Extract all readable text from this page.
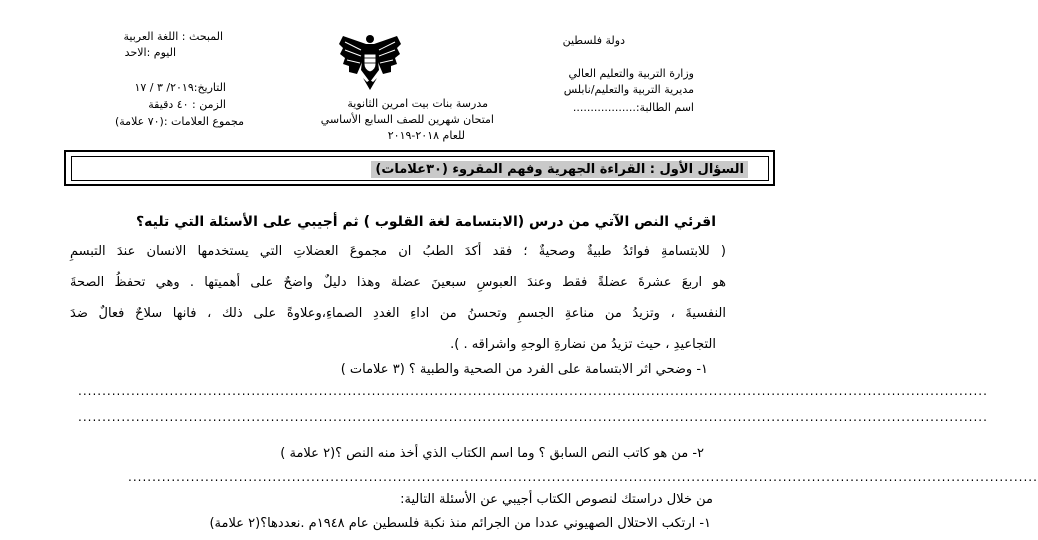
دولة فلسطين
وزارة التربية والتعليم العالي
مديرية التربية والتعليم/نابلس
اسم الطالبة:..................
مدرسة بنات بيت امرين الثانوية
امتحان شهرين للصف السابع الأساسي
للعام ٢٠١٨-٢٠١٩
المبحث : اللغة العربية
اليوم :الاحد
التاريخ:٢٠١٩/ ٣ / ١٧
الزمن : ٤٠ دقيقة
مجموع العلامات :(٧٠ علامة)
السؤال الأول : القراءة الجهرية وفهم المقروء (٣٠علامات)
اقرئي النص الآتي من درس (الابتسامة لغة القلوب ) ثم أجيبي على الأسئلة التي تليه؟
( للابتسامةِ فوائدُ طبيةٌ وصحيةٌ ؛ فقد أكدَ الطبُ ان مجموعَ العضلاتِ التي يستخدمها الانسان عندَ التبسمِ
هو اربعَ عشرةَ عضلةً فقط وعندَ العبوسِ سبعينَ عضلة وهذا دليلٌ واضحٌ على أهميتها . وهي تحفظُ الصحةَ
النفسيةَ ، وتزيدُ من مناعةِ الجسمِ وتحسنُ من اداءِ الغددِ الصماءِ،وعلاوةً على ذلك ، فانها سلاحٌ فعالٌ ضدَ
التجاعيدِ ، حيث تزيدُ من نضارةِ الوجهِ واشراقه . ).
١- وضحي اثر الابتسامة على الفرد من الصحية والطبية ؟ (٣ علامات )
.............................................................................................................................................................................................
.............................................................................................................................................................................................
٢- من هو كاتب النص السابق ؟ وما اسم الكتاب الذي أخذ منه النص ؟(٢ علامة )
.............................................................................................................................................................................................
من خلال دراستك لنصوص الكتاب أجيبي عن الأسئلة التالية:
١- ارتكب الاحتلال الصهيوني عددا من الجرائم منذ نكبة فلسطين عام ١٩٤٨م .نعددها؟(٢ علامة)
